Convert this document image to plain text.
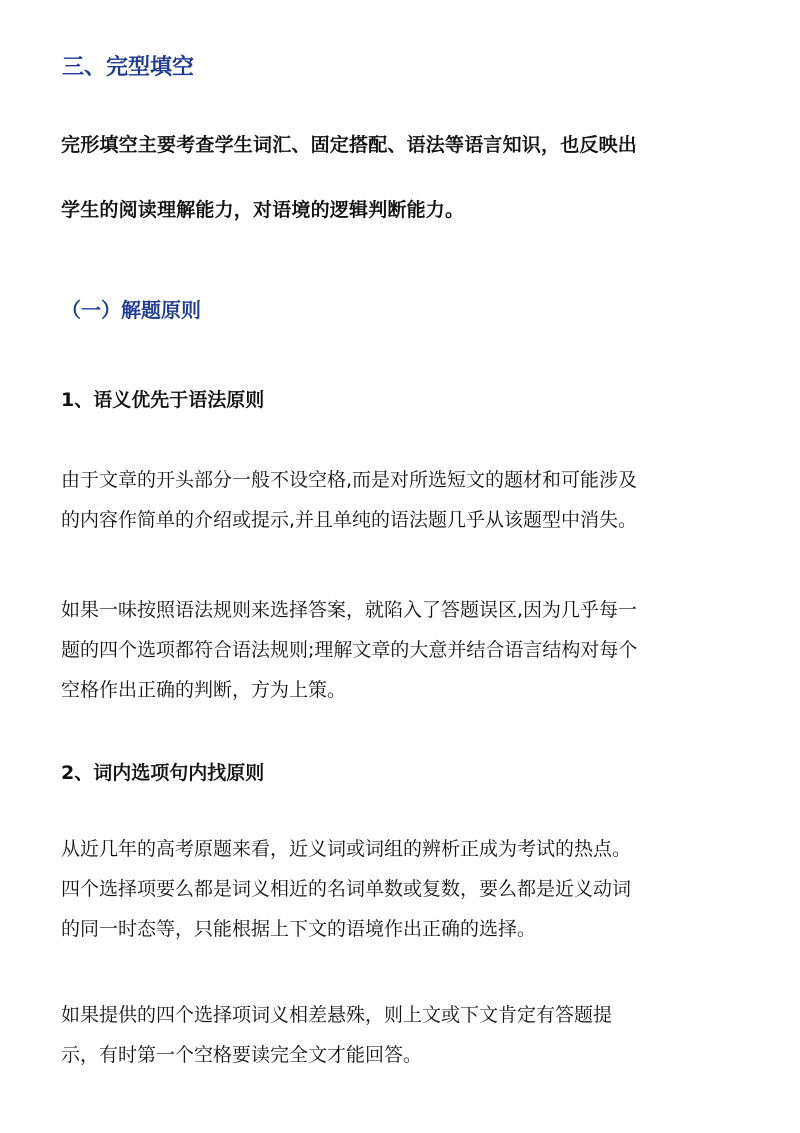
三、完型填空

完形填空主要考查学生词汇、固定搭配、语法等语言知识，也反映出

学生的阅读理解能力，对语境的逻辑判断能力。

（一）解题原则
1、语义优先于语法原则
由于文章的开头部分一般不设空格,而是对所选短文的题材和可能涉及
的内容作简单的介绍或提示,并且单纯的语法题几乎从该题型中消失。
如果一味按照语法规则来选择答案，就陷入了答题误区,因为几乎每一
题的四个选项都符合语法规则;理解文章的大意并结合语言结构对每个
空格作出正确的判断，方为上策。
2、词内选项句内找原则
从近几年的高考原题来看，近义词或词组的辨析正成为考试的热点。
四个选择项要么都是词义相近的名词单数或复数，要么都是近义动词
的同一时态等，只能根据上下文的语境作出正确的选择。
如果提供的四个选择项词义相差悬殊，则上文或下文肯定有答题提
示，有时第一个空格要读完全文才能回答。
